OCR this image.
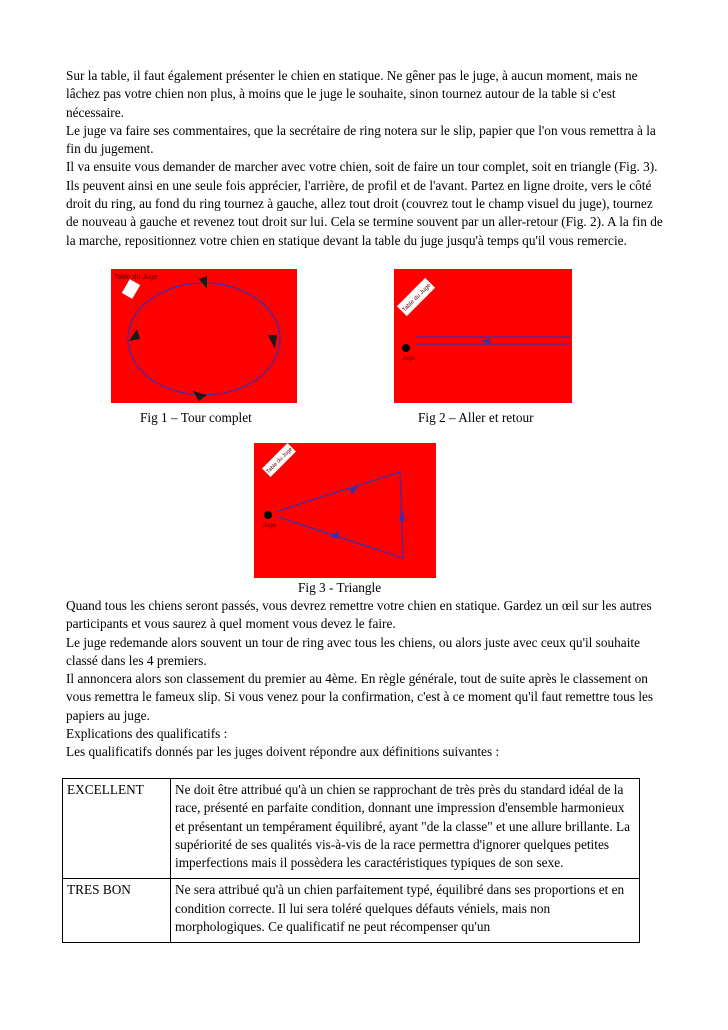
Sur la table, il faut également présenter le chien en statique. Ne gêner pas le juge, à aucun moment, mais ne lâchez pas votre chien non plus, à moins que le juge le souhaite, sinon tournez autour de la table si c'est nécessaire.

Le juge va faire ses commentaires, que la secrétaire de ring notera sur le slip, papier que l'on vous remettra à la fin du jugement.

Il va ensuite vous demander de marcher avec votre chien, soit de faire un tour complet, soit en triangle (Fig. 3). Ils peuvent ainsi en une seule fois apprécier, l'arrière, de profil et de l'avant. Partez en ligne droite, vers le côté droit du ring, au fond du ring tournez à gauche, allez tout droit (couvrez tout le champ visuel du juge), tournez de nouveau à gauche et revenez tout droit sur lui. Cela se termine souvent par un aller-retour (Fig. 2). A la fin de la marche, repositionnez votre chien en statique devant la table du juge jusqu'à temps qu'il vous remercie.

Table du Juge
Table du Juge
Juge
Table du Juge
Juge
Fig 1 – Tour complet	Fig 2 – Aller et retour
Fig 3 - Triangle

Quand tous les chiens seront passés, vous devrez remettre votre chien en statique. Gardez un œil sur les autres participants et vous saurez à quel moment vous devez le faire.

Le juge redemande alors souvent un tour de ring avec tous les chiens, ou alors juste avec ceux qu'il souhaite classé dans les 4 premiers.

Il annoncera alors son classement du premier au 4ème. En règle générale, tout de suite après le classement on vous remettra le fameux slip. Si vous venez pour la confirmation, c'est à ce moment qu'il faut remettre tous les papiers au juge.

Explications des qualificatifs :

Les qualificatifs donnés par les juges doivent répondre aux définitions suivantes :

EXCELLENT	Ne doit être attribué qu'à un chien se rapprochant de très près du standard idéal de la race, présenté en parfaite condition, donnant une impression d'ensemble harmonieux et présentant un tempérament équilibré, ayant "de la classe" et une allure brillante. La supériorité de ses qualités vis-à-vis de la race permettra d'ignorer quelques petites imperfections mais il possèdera les caractéristiques typiques de son sexe.
TRES BON	Ne sera attribué qu'à un chien parfaitement typé, équilibré dans ses proportions et en condition correcte. Il lui sera toléré quelques défauts véniels, mais non morphologiques. Ce qualificatif ne peut récompenser qu'un
